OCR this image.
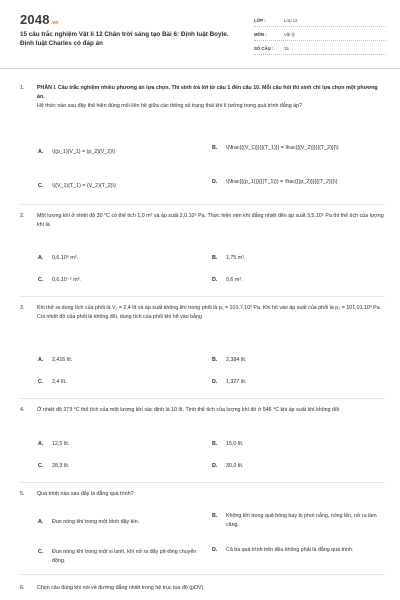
2048.vn
15 câu trắc nghiệm Vật lí 12 Chân trời sáng tạo Bài 6: Định luật Boyle. Định luật Charles có đáp án
LỚP :	Lớp 12
MÔN :	Vật lý
SỐ CÂU :	15
1.	PHẦN I. Câu trắc nghiệm nhiều phương án lựa chọn. Thí sinh trả lời từ câu 1 đến câu 10. Mỗi câu hỏi thí sinh chỉ lựa chọn một phương án.
Hệ thức nào sau đây thể hiện đúng mối liên hệ giữa các thông số trạng thái khí lí tưởng trong quá trình đẳng áp?
A.	\((p_1)(V_1) = (p_2)(V_2)\)
B.	\(\frac{{(V_1)}}{{(T_1)}} = \frac{{(V_2)}}{{(T_2)}}\)
C.	\((V_1)(T_1) = (V_2)(T_2)\)
D.	\(\frac{{(p_1)}}{{(T_1)}} = \frac{{(p_2)}}{{(T_2)}}\)
2.	Một lượng khí ở nhiệt độ 30 °C có thể tích 1,0 m³ và áp suất 2,0.10⁵ Pa. Thực hiện nén khí đẳng nhiệt đến áp suất 3,5.10⁵ Pa thì thể tích của lượng khí là
A.	0,6.10⁵ m³.	B.	1,75 m³.
C.	0,6.10⁻⁵ m³.	D.	0,6 m³.
3.	Khi thở ra dung tích của phổi là V₁ = 2,4 lít và áp suất không khí trong phổi là p₁ = 101,7.10³ Pa. Khi hít vào áp suất của phổi là p₂ = 101,01.10³ Pa. Coi nhiệt độ của phổi là không đổi, dung tích của phổi khi hít vào bằng
A.	2,416 lít.	B.	2,384 lít.
C.	2,4 lít.	D.	1,327 lít.
4.	Ở nhiệt độ 273 °C thể tích của một lượng khí xác định là 10 lít. Tính thể tích của lượng khí đó ở 546 °C khi áp suất khí không đổi
A.	12,5 lít.	B.	15,0 lít.
C.	28,3 lít.	D.	30,0 lít.
5.	Quá trình nào sau đây là đẳng quá trình?
A.	Đun nóng khí trong một bình đậy kín.
B.	Không khí trong quả bóng bay bị phơi nắng, nóng lên, nở ra làm căng.
C.	Đun nóng khí trong một xi lanh, khí nở ra đẩy pít-tông chuyển động.
D.	Cả ba quá trình trên đều không phải là đẳng quá trình.
6.	Chọn câu đúng khi nói về đường đẳng nhiệt trong hệ trục tọa độ (pOV).
